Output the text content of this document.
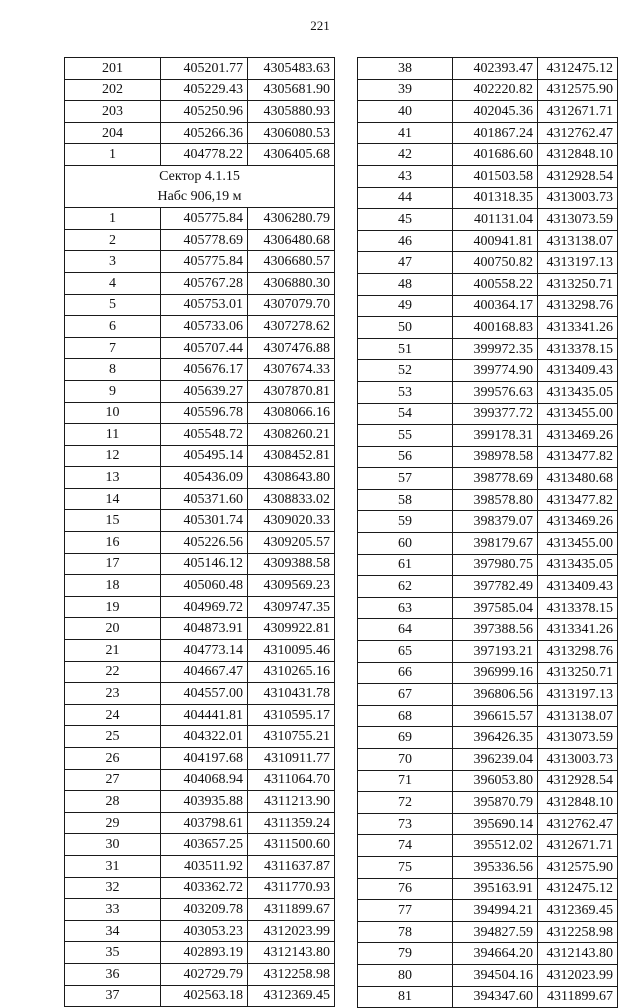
221
201	405201.77	4305483.63
202	405229.43	4305681.90
203	405250.96	4305880.93
204	405266.36	4306080.53
1	404778.22	4306405.68
Сектор 4.1.15		
Набс 906,19 м		
1	405775.84	4306280.79
2	405778.69	4306480.68
3	405775.84	4306680.57
4	405767.28	4306880.30
5	405753.01	4307079.70
6	405733.06	4307278.62
7	405707.44	4307476.88
8	405676.17	4307674.33
9	405639.27	4307870.81
10	405596.78	4308066.16
11	405548.72	4308260.21
12	405495.14	4308452.81
13	405436.09	4308643.80
14	405371.60	4308833.02
15	405301.74	4309020.33
16	405226.56	4309205.57
17	405146.12	4309388.58
18	405060.48	4309569.23
19	404969.72	4309747.35
20	404873.91	4309922.81
21	404773.14	4310095.46
22	404667.47	4310265.16
23	404557.00	4310431.78
24	404441.81	4310595.17
25	404322.01	4310755.21
26	404197.68	4310911.77
27	404068.94	4311064.70
28	403935.88	4311213.90
29	403798.61	4311359.24
30	403657.25	4311500.60
31	403511.92	4311637.87
32	403362.72	4311770.93
33	403209.78	4311899.67
34	403053.23	4312023.99
35	402893.19	4312143.80
36	402729.79	4312258.98
37	402563.18	4312369.45
38	402393.47	4312475.12
39	402220.82	4312575.90
40	402045.36	4312671.71
41	401867.24	4312762.47
42	401686.60	4312848.10
43	401503.58	4312928.54
44	401318.35	4313003.73
45	401131.04	4313073.59
46	400941.81	4313138.07
47	400750.82	4313197.13
48	400558.22	4313250.71
49	400364.17	4313298.76
50	400168.83	4313341.26
51	399972.35	4313378.15
52	399774.90	4313409.43
53	399576.63	4313435.05
54	399377.72	4313455.00
55	399178.31	4313469.26
56	398978.58	4313477.82
57	398778.69	4313480.68
58	398578.80	4313477.82
59	398379.07	4313469.26
60	398179.67	4313455.00
61	397980.75	4313435.05
62	397782.49	4313409.43
63	397585.04	4313378.15
64	397388.56	4313341.26
65	397193.21	4313298.76
66	396999.16	4313250.71
67	396806.56	4313197.13
68	396615.57	4313138.07
69	396426.35	4313073.59
70	396239.04	4313003.73
71	396053.80	4312928.54
72	395870.79	4312848.10
73	395690.14	4312762.47
74	395512.02	4312671.71
75	395336.56	4312575.90
76	395163.91	4312475.12
77	394994.21	4312369.45
78	394827.59	4312258.98
79	394664.20	4312143.80
80	394504.16	4312023.99
81	394347.60	4311899.67
